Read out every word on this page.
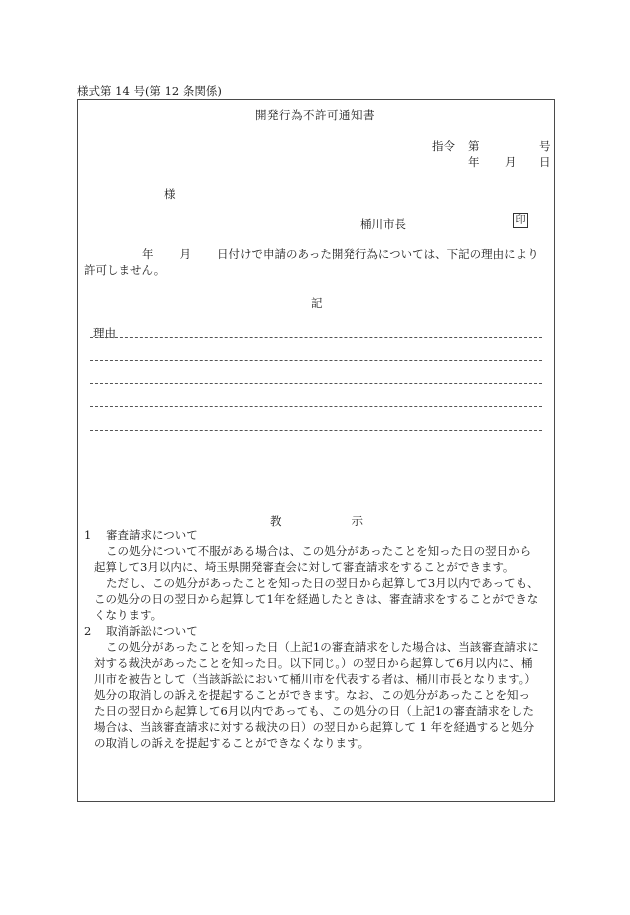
様式第 14 号(第 12 条関係)
開発行為不許可通知書
指令 第	号
年 月 日
様
桶川市長	印
年 月 日付けで申請のあった開発行為については、下記の理由により
許可しません。
記
理由
教	示
1 審査請求について
この処分について不服がある場合は、この処分があったことを知った日の翌日から
起算して3月以内に、埼玉県開発審査会に対して審査請求をすることができます。
ただし、この処分があったことを知った日の翌日から起算して3月以内であっても、
この処分の日の翌日から起算して1年を経過したときは、審査請求をすることができな
くなります。
2 取消訴訟について
この処分があったことを知った日（上記1の審査請求をした場合は、当該審査請求に
対する裁決があったことを知った日。以下同じ。）の翌日から起算して6月以内に、桶
川市を被告として（当該訴訟において桶川市を代表する者は、桶川市長となります。）
処分の取消しの訴えを提起することができます。なお、この処分があったことを知っ
た日の翌日から起算して6月以内であっても、この処分の日（上記1の審査請求をした
場合は、当該審査請求に対する裁決の日）の翌日から起算して 1 年を経過すると処分
の取消しの訴えを提起することができなくなります。
